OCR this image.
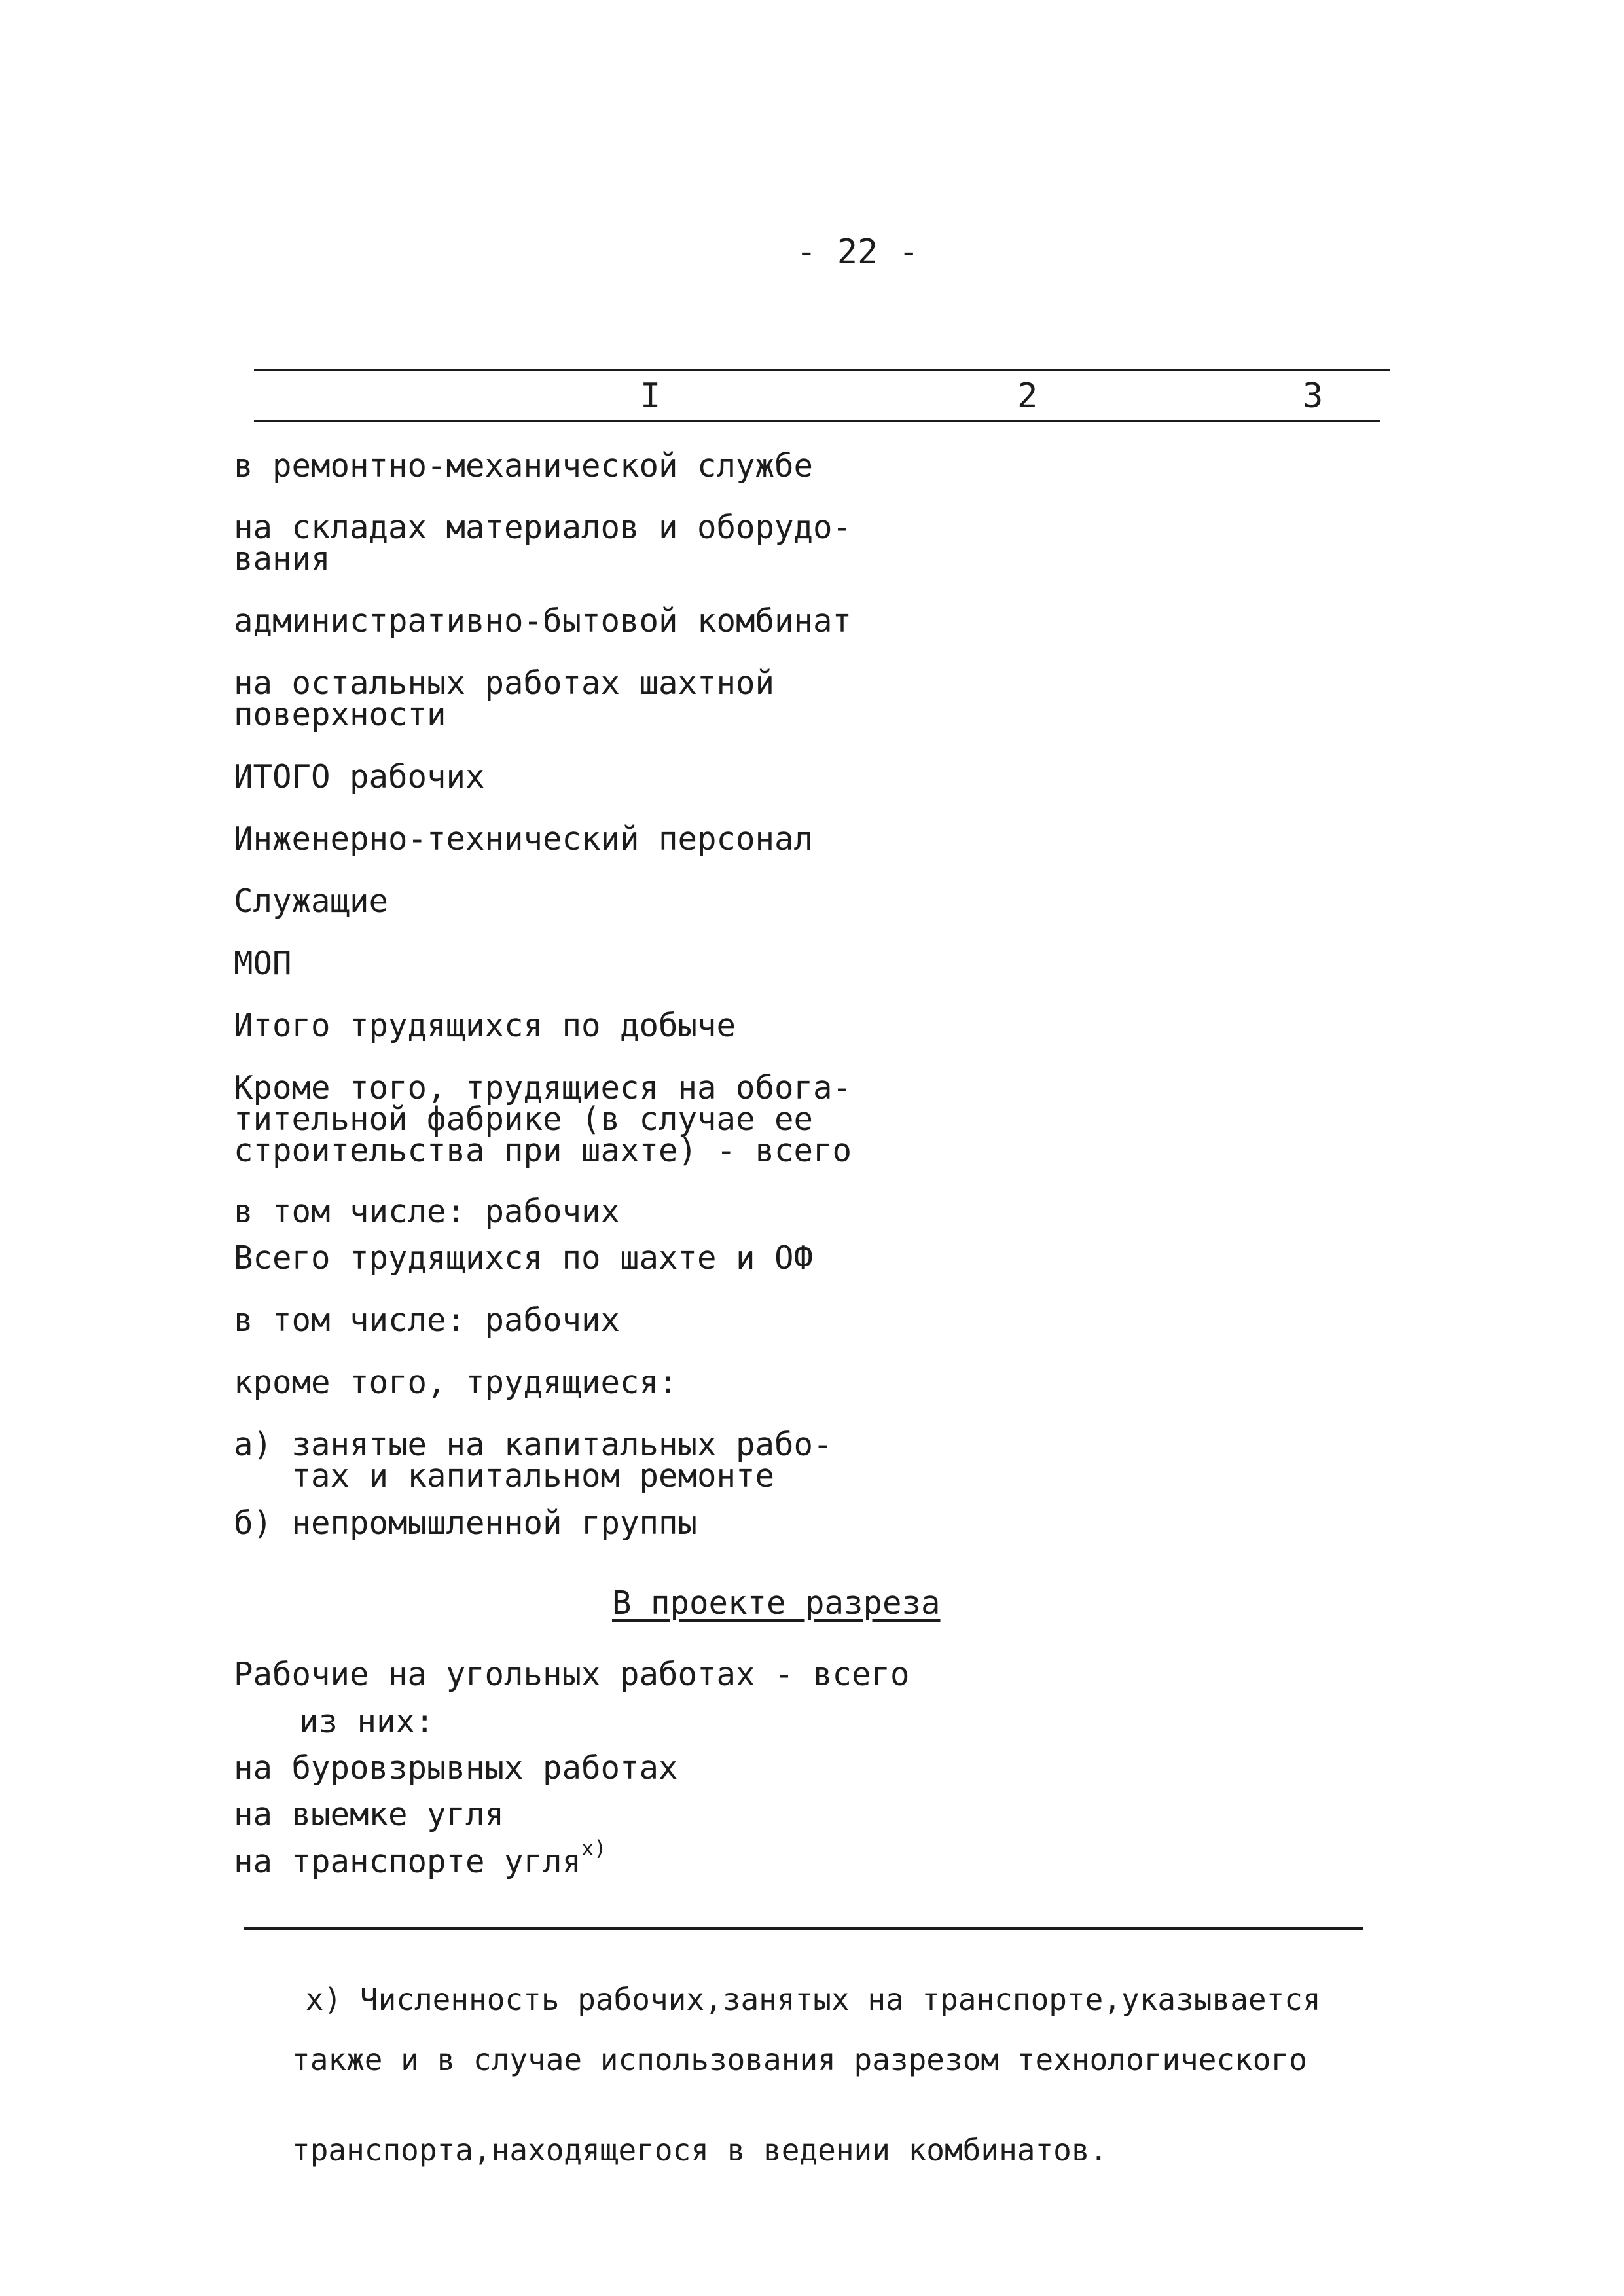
- 22 -
I	2	3
в ремонтно-механической службе
на складах материалов и оборудо-
вания
административно-бытовой комбинат
на остальных работах шахтной
поверхности
ИТОГО рабочих
Инженерно-технический персонал
Служащие
МОП
Итого трудящихся по добыче
Кроме того, трудящиеся на обога-
тительной фабрике (в случае ее
строительства при шахте) - всего
в том числе: рабочих
Всего трудящихся по шахте и ОФ
в том числе: рабочих
кроме того, трудящиеся:
а) занятые на капитальных рабо-
тах и капитальном ремонте
б) непромышленной группы
В проекте разреза
Рабочие на угольных работах - всего
из них:
на буровзрывных работах
на выемке угля
на транспорте угля$^{х)}$

х) Численность рабочих,занятых на транспорте,указывается

также и в случае использования разрезом технологического

транспорта,находящегося в ведении комбинатов.
